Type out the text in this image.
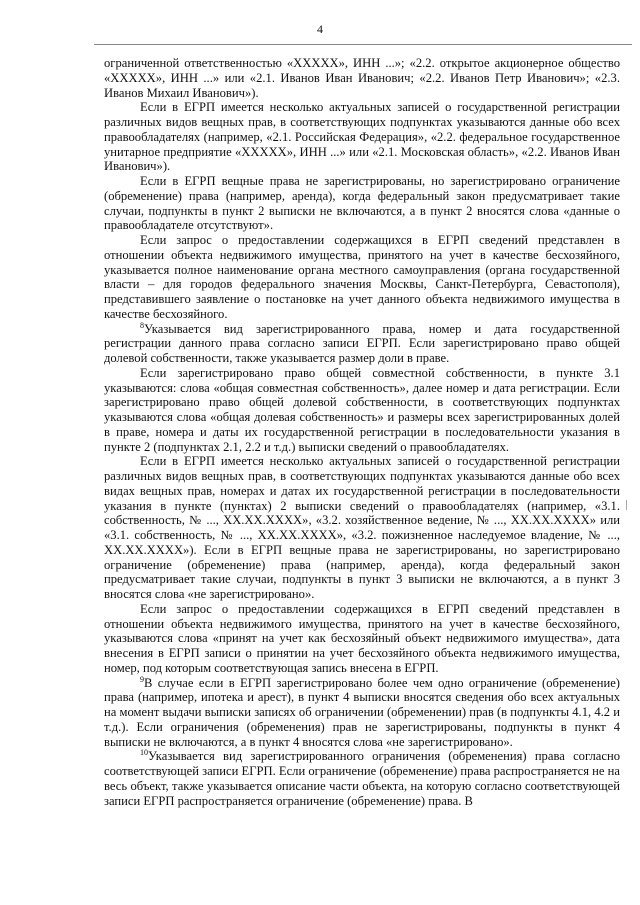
4

ограниченной ответственностью «XXXXX», ИНН ...»; «2.2. открытое акционерное общество «XXXXX», ИНН ...» или «2.1. Иванов Иван Иванович; «2.2. Иванов Петр Иванович»; «2.3. Иванов Михаил Иванович»).

Если в ЕГРП имеется несколько актуальных записей о государственной регистрации различных видов вещных прав, в соответствующих подпунктах указываются данные обо всех правообладателях (например, «2.1. Российская Федерация», «2.2. федеральное государственное унитарное предприятие «XXXXX», ИНН ...» или «2.1. Московская область», «2.2. Иванов Иван Иванович»).

Если в ЕГРП вещные права не зарегистрированы, но зарегистрировано ограничение (обременение) права (например, аренда), когда федеральный закон предусматривает такие случаи, подпункты в пункт 2 выписки не включаются, а в пункт 2 вносятся слова «данные о правообладателе отсутствуют».

Если запрос о предоставлении содержащихся в ЕГРП сведений представлен в отношении объекта недвижимого имущества, принятого на учет в качестве бесхозяйного, указывается полное наименование органа местного самоуправления (органа государственной власти – для городов федерального значения Москвы, Санкт-Петербурга, Севастополя), представившего заявление о постановке на учет данного объекта недвижимого имущества в качестве бесхозяйного.

$^8$Указывается вид зарегистрированного права, номер и дата государственной регистрации данного права согласно записи ЕГРП. Если зарегистрировано право общей долевой собственности, также указывается размер доли в праве.

Если зарегистрировано право общей совместной собственности, в пункте 3.1 указываются: слова «общая совместная собственность», далее номер и дата регистрации. Если зарегистрировано право общей долевой собственности, в соответствующих подпунктах указываются слова «общая долевая собственность» и размеры всех зарегистрированных долей в праве, номера и даты их государственной регистрации в последовательности указания в пункте 2 (подпунктах 2.1, 2.2 и т.д.) выписки сведений о правообладателях.

Если в ЕГРП имеется несколько актуальных записей о государственной регистрации различных видов вещных прав, в соответствующих подпунктах указываются данные обо всех видах вещных прав, номерах и датах их государственной регистрации в последовательности указания в пункте (пунктах) 2 выписки сведений о правообладателях (например, «3.1. собственность, № ..., XX.XX.XXXX», «3.2. хозяйственное ведение, № ..., XX.XX.XXXX» или «3.1. собственность, № ..., XX.XX.XXXX», «3.2. пожизненное наследуемое владение, № ..., XX.XX.XXXX»). Если в ЕГРП вещные права не зарегистрированы, но зарегистрировано ограничение (обременение) права (например, аренда), когда федеральный закон предусматривает такие случаи, подпункты в пункт 3 выписки не включаются, а в пункт 3 вносятся слова «не зарегистрировано».

Если запрос о предоставлении содержащихся в ЕГРП сведений представлен в отношении объекта недвижимого имущества, принятого на учет в качестве бесхозяйного, указываются слова «принят на учет как бесхозяйный объект недвижимого имущества», дата внесения в ЕГРП записи о принятии на учет бесхозяйного объекта недвижимого имущества, номер, под которым соответствующая запись внесена в ЕГРП.

$^9$В случае если в ЕГРП зарегистрировано более чем одно ограничение (обременение) права (например, ипотека и арест), в пункт 4 выписки вносятся сведения обо всех актуальных на момент выдачи выписки записях об ограничении (обременении) прав (в подпункты 4.1, 4.2 и т.д.). Если ограничения (обременения) прав не зарегистрированы, подпункты в пункт 4 выписки не включаются, а в пункт 4 вносятся слова «не зарегистрировано».

$^{10}$Указывается вид зарегистрированного ограничения (обременения) права согласно соответствующей записи ЕГРП. Если ограничение (обременение) права распространяется не на весь объект, также указывается описание части объекта, на которую согласно соответствующей записи ЕГРП распространяется ограничение (обременение) права. В
